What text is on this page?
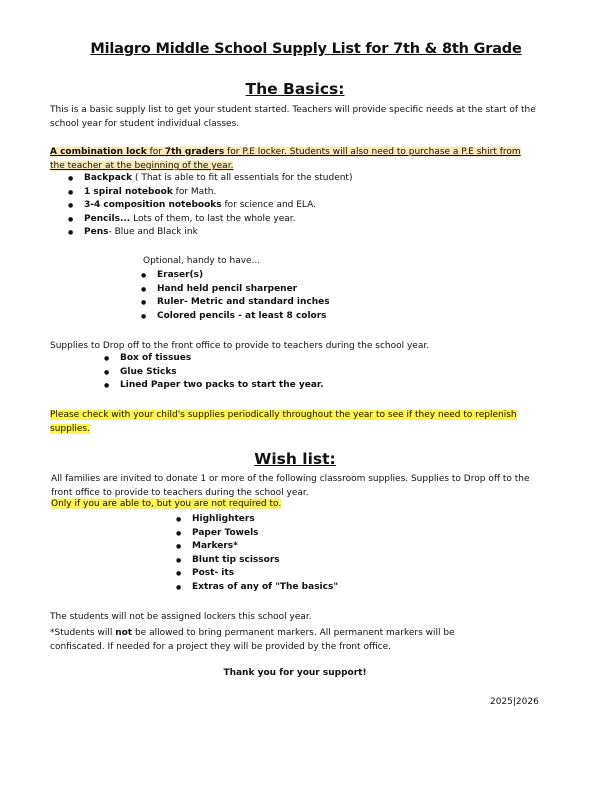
Milagro Middle School Supply List for 7th & 8th Grade
The Basics:
This is a basic supply list to get your student started. Teachers will provide specific needs at the start of the school year for student individual classes.
A combination lock for 7th graders for P.E locker. Students will also need to purchase a P.E shirt from the teacher at the beginning of the year.
● Backpack ( That is able to fit all essentials for the student)
● 1 spiral notebook for Math.
● 3-4 composition notebooks for science and ELA.
● Pencils... Lots of them, to last the whole year.
● Pens- Blue and Black ink
Optional, handy to have...
● Eraser(s)
● Hand held pencil sharpener
● Ruler- Metric and standard inches
● Colored pencils - at least 8 colors
Supplies to Drop off to the front office to provide to teachers during the school year.
● Box of tissues
● Glue Sticks
● Lined Paper two packs to start the year.
Please check with your child's supplies periodically throughout the year to see if they need to replenish supplies.
Wish list:
All families are invited to donate 1 or more of the following classroom supplies. Supplies to Drop off to the front office to provide to teachers during the school year.
Only if you are able to, but you are not required to.
● Highlighters
● Paper Towels
● Markers*
● Blunt tip scissors
● Post- its
● Extras of any of "The basics"
The students will not be assigned lockers this school year.
*Students will not be allowed to bring permanent markers. All permanent markers will be confiscated. If needed for a project they will be provided by the front office.
Thank you for your support!
2025|2026
